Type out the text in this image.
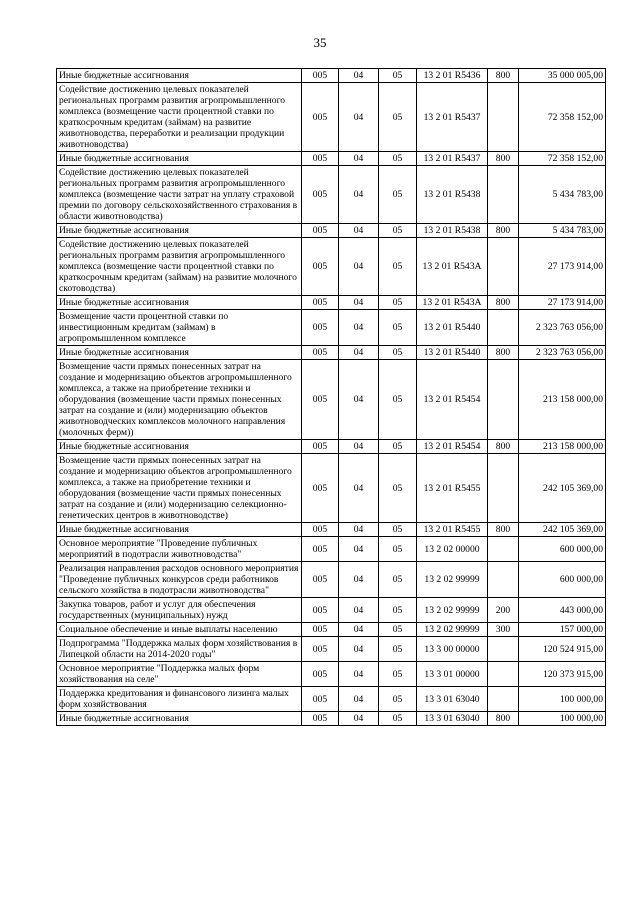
35
Иные бюджетные ассигнования	005	04	05	13 2 01 R5436	800	35 000 005,00
Содействие достижению целевых показателей региональных программ развития агропромышленного комплекса (возмещение части процентной ставки по краткосрочным кредитам (займам) на развитие животноводства, переработки и реализации продукции животноводства)	005	04	05	13 2 01 R5437		72 358 152,00
Иные бюджетные ассигнования	005	04	05	13 2 01 R5437	800	72 358 152,00
Содействие достижению целевых показателей региональных программ развития агропромышленного комплекса (возмещение части затрат на уплату страховой премии по договору сельскохозяйственного страхования в области животноводства)	005	04	05	13 2 01 R5438		5 434 783,00
Иные бюджетные ассигнования	005	04	05	13 2 01 R5438	800	5 434 783,00
Содействие достижению целевых показателей региональных программ развития агропромышленного комплекса (возмещение части процентной ставки по краткосрочным кредитам (займам) на развитие молочного скотоводства)	005	04	05	13 2 01 R543A		27 173 914,00
Иные бюджетные ассигнования	005	04	05	13 2 01 R543A	800	27 173 914,00
Возмещение части процентной ставки по инвестиционным кредитам (займам) в агропромышленном комплексе	005	04	05	13 2 01 R5440		2 323 763 056,00
Иные бюджетные ассигнования	005	04	05	13 2 01 R5440	800	2 323 763 056,00
Возмещение части прямых понесенных затрат на создание и модернизацию объектов агропромышленного комплекса, а также на приобретение техники и оборудования (возмещение части прямых понесенных затрат на создание и (или) модернизацию объектов животноводческих комплексов молочного направления (молочных ферм))	005	04	05	13 2 01 R5454		213 158 000,00
Иные бюджетные ассигнования	005	04	05	13 2 01 R5454	800	213 158 000,00
Возмещение части прямых понесенных затрат на создание и модернизацию объектов агропромышленного комплекса, а также на приобретение техники и оборудования (возмещение части прямых понесенных затрат на создание и (или) модернизацию селекционно-генетических центров в животноводстве)	005	04	05	13 2 01 R5455		242 105 369,00
Иные бюджетные ассигнования	005	04	05	13 2 01 R5455	800	242 105 369,00
Основное мероприятие "Проведение публичных мероприятий в подотрасли животноводства"	005	04	05	13 2 02 00000		600 000,00
Реализация направления расходов основного мероприятия "Проведение публичных конкурсов среди работников сельского хозяйства в подотрасли животноводства"	005	04	05	13 2 02 99999		600 000,00
Закупка товаров, работ и услуг для обеспечения государственных (муниципальных) нужд	005	04	05	13 2 02 99999	200	443 000,00
Социальное обеспечение и иные выплаты населению	005	04	05	13 2 02 99999	300	157 000,00
Подпрограмма "Поддержка малых форм хозяйствования в Липецкой области на 2014-2020 годы"	005	04	05	13 3 00 00000		120 524 915,00
Основное мероприятие "Поддержка малых форм хозяйствования на селе"	005	04	05	13 3 01 00000		120 373 915,00
Поддержка кредитования и финансового лизинга малых форм хозяйствования	005	04	05	13 3 01 63040		100 000,00
Иные бюджетные ассигнования	005	04	05	13 3 01 63040	800	100 000,00
